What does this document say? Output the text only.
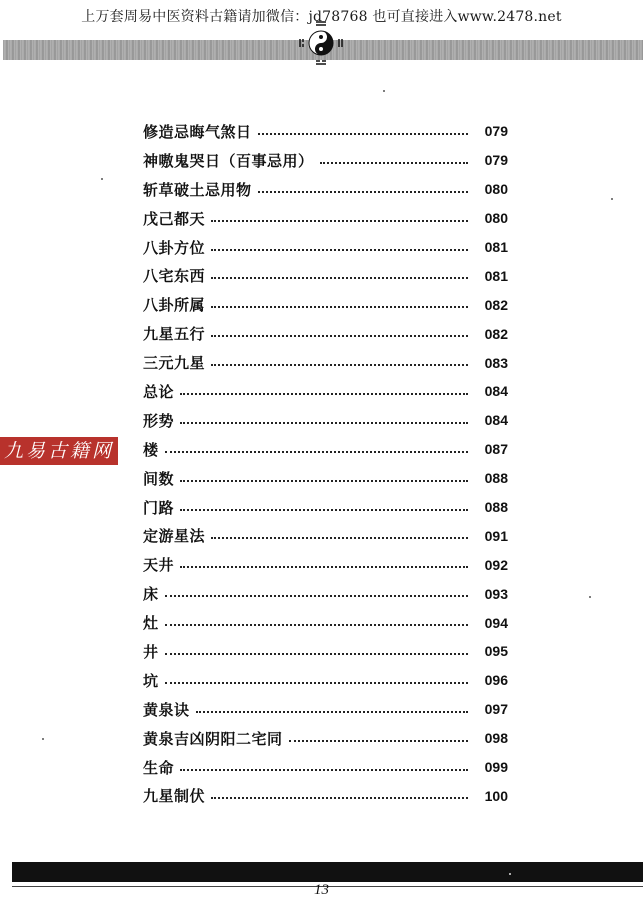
上万套周易中医资料古籍请加微信：jd78768 也可直接进入www.2478.net
九易古籍网
修造忌晦气煞日	079
神嗷鬼哭日（百事忌用）	079
斩草破土忌用物	080
戊己都天	080
八卦方位	081
八宅东西	081
八卦所属	082
九星五行	082
三元九星	083
总论	084
形势	084
楼	087
间数	088
门路	088
定游星法	091
天井	092
床	093
灶	094
井	095
坑	096
黄泉诀	097
黄泉吉凶阴阳二宅同	098
生命	099
九星制伏	100
13
